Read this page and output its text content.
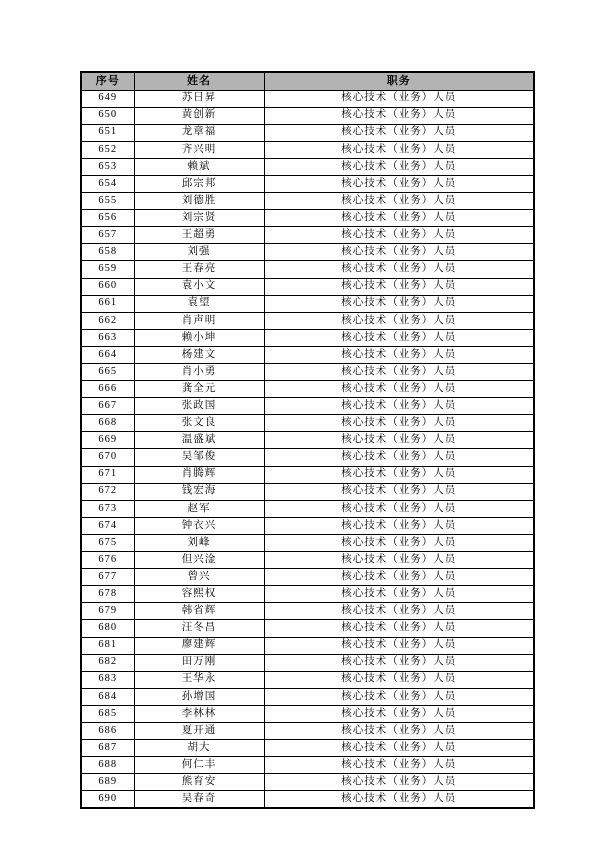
序号	姓名	职务
649	苏日昇	核心技术（业务）人员
650	黄创新	核心技术（业务）人员
651	龙章福	核心技术（业务）人员
652	齐兴明	核心技术（业务）人员
653	赖斌	核心技术（业务）人员
654	邱宗邦	核心技术（业务）人员
655	刘德胜	核心技术（业务）人员
656	刘宗贤	核心技术（业务）人员
657	王超勇	核心技术（业务）人员
658	刘强	核心技术（业务）人员
659	王春亮	核心技术（业务）人员
660	袁小文	核心技术（业务）人员
661	袁望	核心技术（业务）人员
662	肖声明	核心技术（业务）人员
663	赖小坤	核心技术（业务）人员
664	杨建文	核心技术（业务）人员
665	肖小勇	核心技术（业务）人员
666	龚全元	核心技术（业务）人员
667	张政国	核心技术（业务）人员
668	张文良	核心技术（业务）人员
669	温盛斌	核心技术（业务）人员
670	吴邹俊	核心技术（业务）人员
671	肖腾辉	核心技术（业务）人员
672	钱宏海	核心技术（业务）人员
673	赵军	核心技术（业务）人员
674	钟衣兴	核心技术（业务）人员
675	刘峰	核心技术（业务）人员
676	但兴淦	核心技术（业务）人员
677	曾兴	核心技术（业务）人员
678	容熙权	核心技术（业务）人员
679	韩省辉	核心技术（业务）人员
680	汪冬昌	核心技术（业务）人员
681	廖建辉	核心技术（业务）人员
682	田万刚	核心技术（业务）人员
683	王华永	核心技术（业务）人员
684	孙增国	核心技术（业务）人员
685	李林林	核心技术（业务）人员
686	夏开通	核心技术（业务）人员
687	胡大	核心技术（业务）人员
688	何仁丰	核心技术（业务）人员
689	熊育安	核心技术（业务）人员
690	吴春奇	核心技术（业务）人员
